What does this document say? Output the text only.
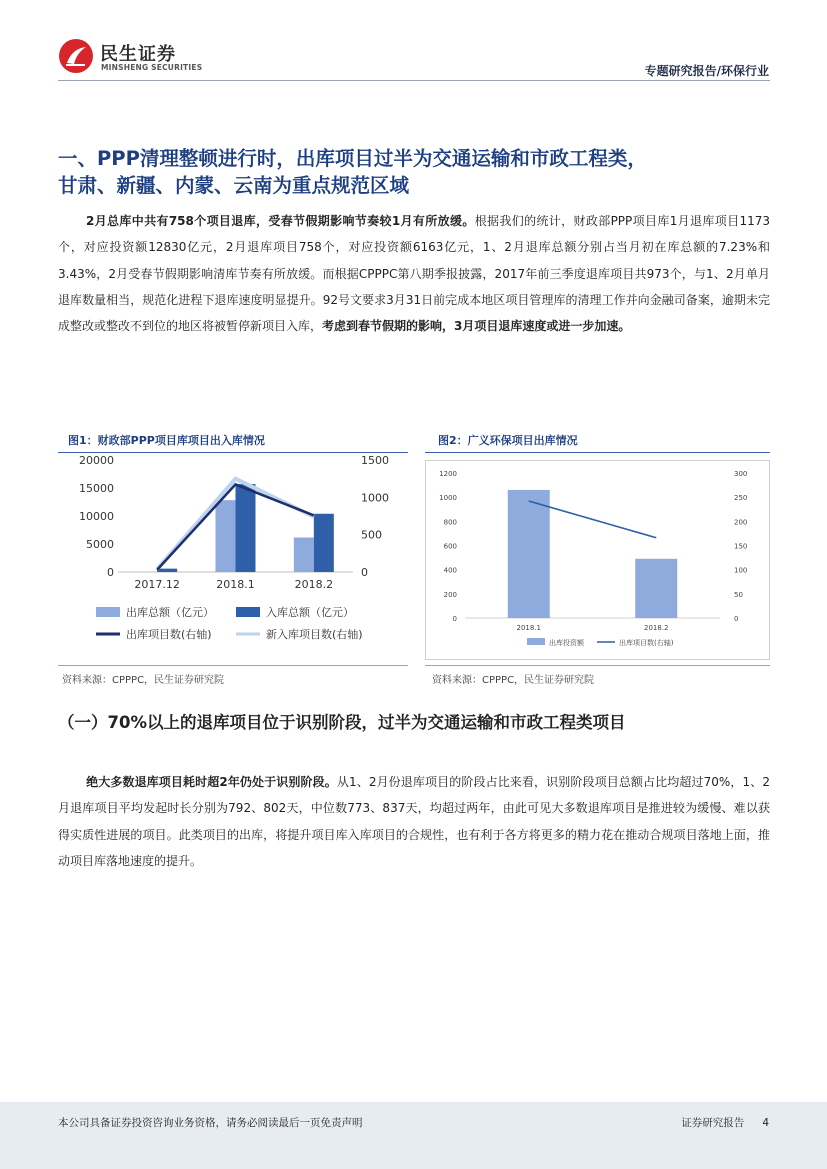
民生证券
MINSHENG SECURITIES	专题研究报告/环保行业
一、PPP清理整顿进行时，出库项目过半为交通运输和市政工程类，甘肃、新疆、内蒙、云南为重点规范区域
2月总库中共有758个项目退库，受春节假期影响节奏较1月有所放缓。根据我们的统计，财政部PPP项目库1月退库项目1173个，对应投资额12830亿元，2月退库项目758个，对应投资额6163亿元，1、2月退库总额分别占当月初在库总额的7.23%和3.43%，2月受春节假期影响清库节奏有所放缓。而根据CPPPC第八期季报披露，2017年前三季度退库项目共973个，与1、2月单月退库数量相当，规范化进程下退库速度明显提升。92号文要求3月31日前完成本地区项目管理库的清理工作并向金融司备案，逾期未完成整改或整改不到位的地区将被暂停新项目入库，考虑到春节假期的影响，3月项目退库速度或进一步加速。
图1：财政部PPP项目库项目出入库情况
0
5000
10000
15000
20000
0
500
1000
1500
2017.12	2018.1	2018.2
出库总额（亿元）	入库总额（亿元）
出库项目数(右轴)	新入库项目数(右轴)
资料来源：CPPPC，民生证券研究院
图2：广义环保项目出库情况
0
200
400
600
800
1000
1200
0
50
100
150
200
250
300
2018.1	2018.2
出库投资额	出库项目数(右轴)
资料来源：CPPPC，民生证券研究院
（一）70%以上的退库项目位于识别阶段，过半为交通运输和市政工程类项目
绝大多数退库项目耗时超2年仍处于识别阶段。从1、2月份退库项目的阶段占比来看，识别阶段项目总额占比均超过70%，1、2月退库项目平均发起时长分别为792、802天，中位数773、837天，均超过两年，由此可见大多数退库项目是推进较为缓慢、难以获得实质性进展的项目。此类项目的出库，将提升项目库入库项目的合规性，也有利于各方将更多的精力花在推动合规项目落地上面，推动项目库落地速度的提升。
本公司具备证券投资咨询业务资格，请务必阅读最后一页免责声明	证券研究报告 4
